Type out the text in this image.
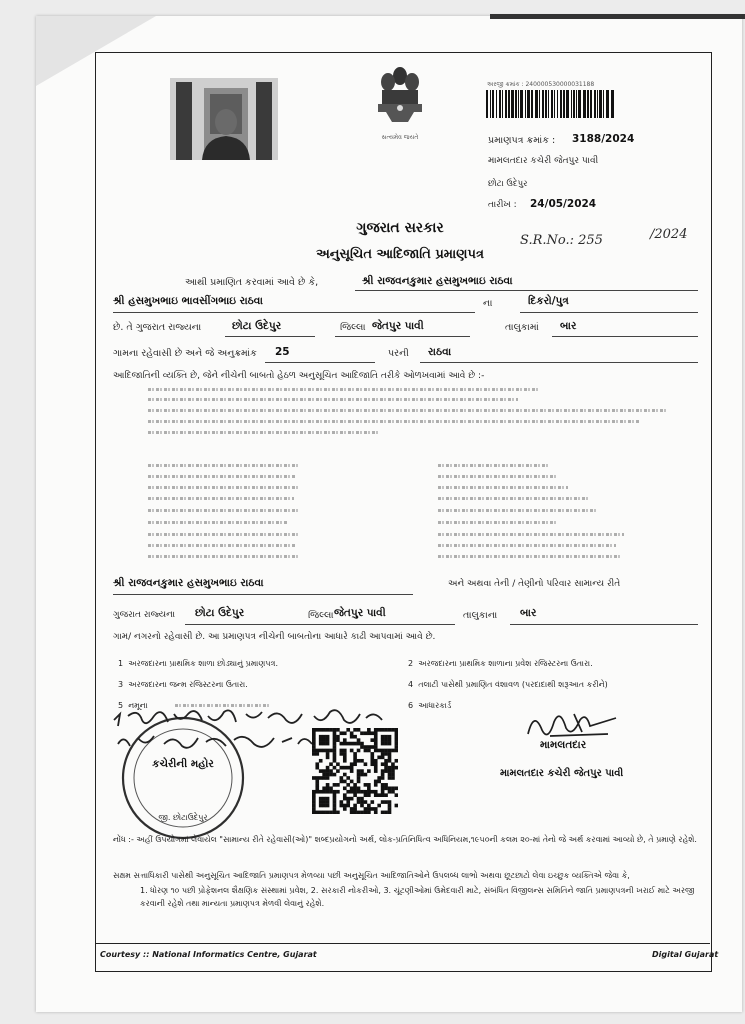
સત્યમેવ જયતે
અરજી ક્રમાંક : 240000530000031188
પ્રમાણપત્ર ક્રમાંક : 3188/2024
મામલતદાર કચેરી જેતપુર પાવી
છોટા ઉદેપુર
તારીખ : 24/05/2024
ગુજરાત સરકાર
અનુસૂચિત આદિજાતિ પ્રમાણપત્ર
S.R.No.: 255	/2024
આથી પ્રમાણિત કરવામાં આવે છે કે,	શ્રી રાજવનકુમાર હસમુખભાઇ રાઠવા
શ્રી હસમુખભાઇ ભાવસીંગભાઇ રાઠવા	ના	દિકરો/પુત્ર
છે. તે ગુજરાત રાજ્યના	છોટા ઉદેપુર	જિલ્લા જેતપુર પાવી	તાલુકામાં બાર
ગામના રહેવાસી છે અને જે અનુક્રમાંક 25	પરની રાઠવા
આદિજાતિની વ્યક્તિ છે, જેને નીચેની બાબતો હેઠળ અનુસૂચિત આદિજાતિ તરીકે ઓળખવામાં આવે છે :-
શ્રી રાજવનકુમાર હસમુખભાઇ રાઠવા	અને અથવા તેની / તેણીનો પરિવાર સામાન્ય રીતે
ગુજરાત રાજ્યના છોટા ઉદેપુર	જિલ્લા જેતપુર પાવી	તાલુકાના બાર
ગામ/ નગરનો રહેવાસી છે. આ પ્રમાણપત્ર નીચેની બાબતોના આધારે કાઢી આપવામાં આવે છે.
1 અરજદારના પ્રાથમિક શાળા છોડ્યાનું પ્રમાણપત્ર.	2 અરજદારના પ્રાથમિક શાળાના પ્રવેશ રજિસ્ટરના ઉતારા.
3 અરજદારના જન્મ રજિસ્ટરના ઉતારા.	4 તલાટી પાસેથી પ્રમાણિત વંશાવળ (પરદાદાથી શરૂઆત કરીને)
5 નમૂના	6 આધારકાર્ડ
કચેરીની મહોર
જી. છોટાઉદેપુર
મામલતદાર
મામલતદાર કચેરી જેતપુર પાવી
નોંધ :- અહીં ઉપયોગમાં લેવાયેલ "સામાન્ય રીતે રહેવાસી(ઓ)" શબ્દપ્રયોગનો અર્થ, લોક-પ્રતિનિધિત્વ અધિનિયમ,૧૯૫૦ની કલમ ૨૦-માં તેનો જે અર્થ કરવામાં આવ્યો છે, તે પ્રમાણે રહેશે.
સક્ષમ સત્તાધિકારી પાસેથી અનુસૂચિત આદિજાતિ પ્રમાણપત્ર મેળવ્યા પછી અનુસૂચિત આદિજાતિઓને ઉપલબ્ધ લાભો અથવા છૂટછાટો લેવા ઇચ્છુક વ્યક્તિએ જેવા કે,
1. ધોરણ ૧૦ પછી પ્રોફેશનલ શૈક્ષણિક સંસ્થામાં પ્રવેશ, 2. સરકારી નોકરીઓ, 3. ચૂંટણીઓમાં ઉમેદવારી માટે, સંબંધિત વિજીલન્સ સમિતિને જાતિ પ્રમાણપત્રની ખરાઈ માટે અરજી કરવાની રહેશે તથા માન્યતા પ્રમાણપત્ર મેળવી લેવાનું રહેશે.
Courtesy :: National Informatics Centre, Gujarat	Digital Gujarat
